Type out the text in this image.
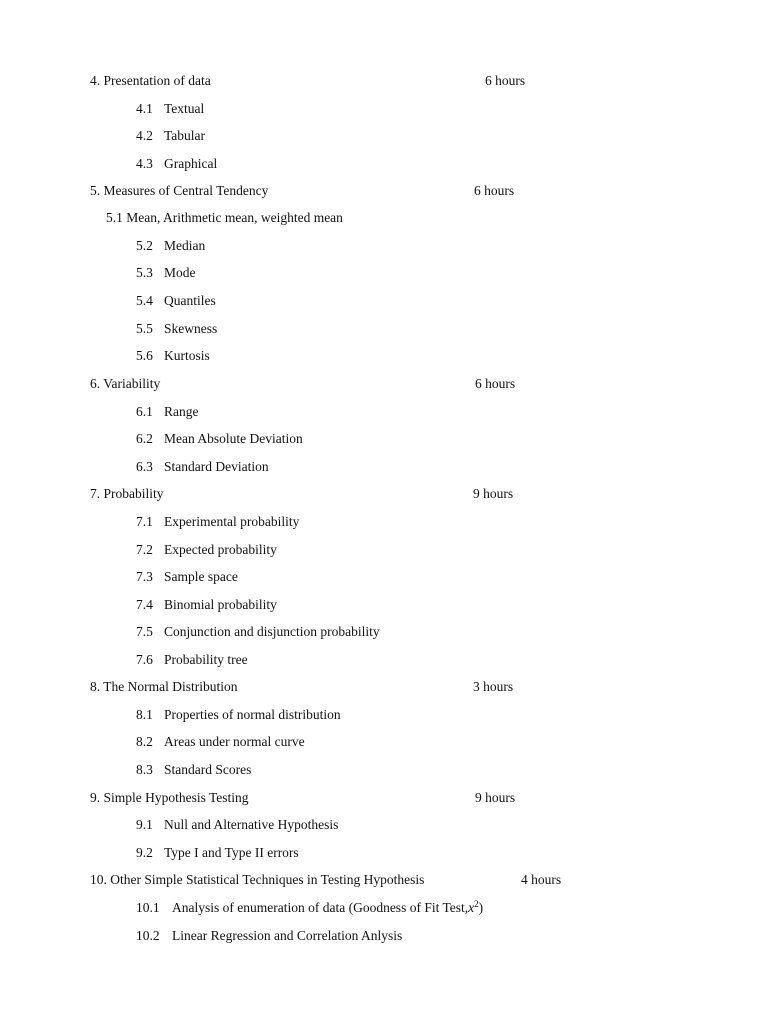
4. Presentation of data	6 hours
4.1 Textual
4.2 Tabular
4.3 Graphical
5. Measures of Central Tendency	6 hours
5.1 Mean, Arithmetic mean, weighted mean
5.2 Median
5.3 Mode
5.4 Quantiles
5.5 Skewness
5.6 Kurtosis
6. Variability	6 hours
6.1 Range
6.2 Mean Absolute Deviation
6.3 Standard Deviation
7. Probability	9 hours
7.1 Experimental probability
7.2 Expected probability
7.3 Sample space
7.4 Binomial probability
7.5 Conjunction and disjunction probability
7.6 Probability tree
8. The Normal Distribution	3 hours
8.1 Properties of normal distribution
8.2 Areas under normal curve
8.3 Standard Scores
9. Simple Hypothesis Testing	9 hours
9.1 Null and Alternative Hypothesis
9.2 Type I and Type II errors
10. Other Simple Statistical Techniques in Testing Hypothesis	4 hours
10.1 Analysis of enumeration of data (Goodness of Fit $Test,x^2$)
10.2 Linear Regression and Correlation Anlysis
